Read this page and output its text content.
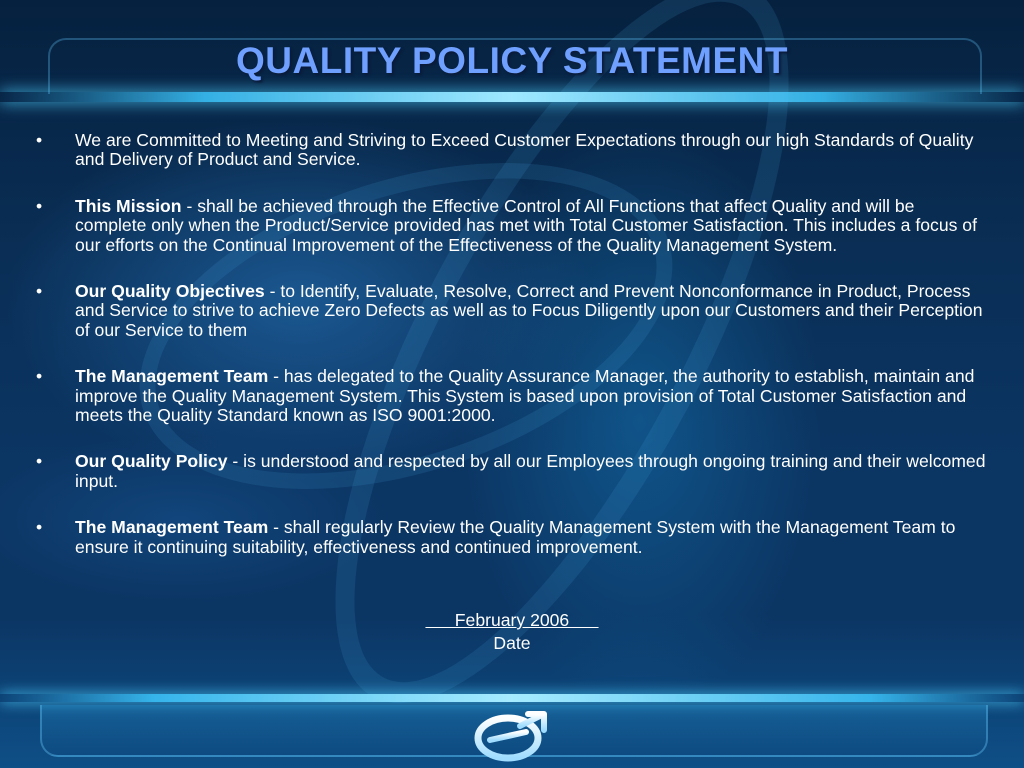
QUALITY POLICY STATEMENT
• We are Committed to Meeting and Striving to Exceed Customer Expectations through our high Standards of Quality and Delivery of Product and Service.
• This Mission - shall be achieved through the Effective Control of All Functions that affect Quality and will be complete only when the Product/Service provided has met with Total Customer Satisfaction. This includes a focus of our efforts on the Continual Improvement of the Effectiveness of the Quality Management System.
• Our Quality Objectives - to Identify, Evaluate, Resolve, Correct and Prevent Nonconformance in Product, Process and Service to strive to achieve Zero Defects as well as to Focus Diligently upon our Customers and their Perception of our Service to them
• The Management Team - has delegated to the Quality Assurance Manager, the authority to establish, maintain and improve the Quality Management System. This System is based upon provision of Total Customer Satisfaction and meets the Quality Standard known as ISO 9001:2000.
• Our Quality Policy - is understood and respected by all our Employees through ongoing training and their welcomed input.
• The Management Team - shall regularly Review the Quality Management System with the Management Team to ensure it continuing suitability, effectiveness and continued improvement.
February 2006
Date
